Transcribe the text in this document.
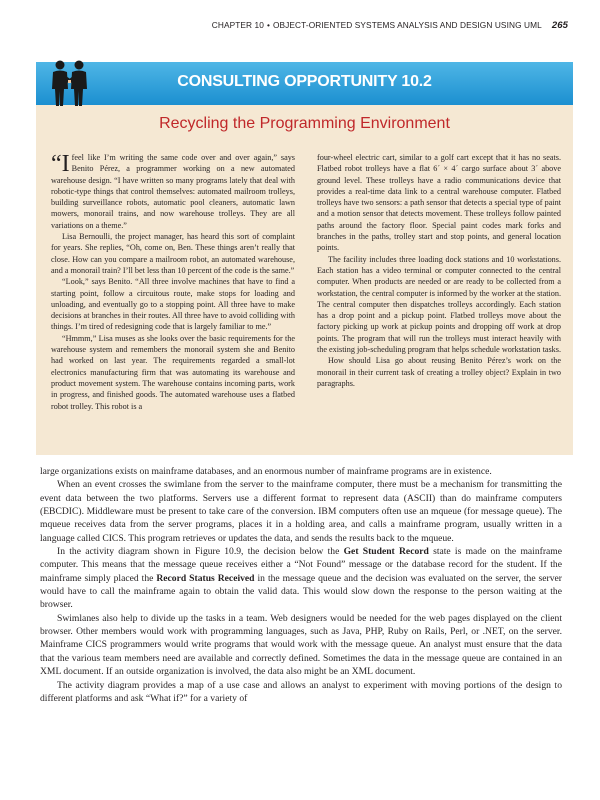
CHAPTER 10 • OBJECT-ORIENTED SYSTEMS ANALYSIS AND DESIGN USING UML 265
CONSULTING OPPORTUNITY 10.2
Recycling the Programming Environment

“I feel like I’m writing the same code over and over again,” says Benito Pérez, a programmer working on a new automated warehouse design. “I have written so many programs lately that deal with robotic-type things that control themselves: automated mailroom trolleys, building surveillance robots, automatic pool cleaners, automatic lawn mowers, monorail trains, and now warehouse trolleys. They are all variations on a theme.”

Lisa Bernoulli, the project manager, has heard this sort of complaint for years. She replies, “Oh, come on, Ben. These things aren’t really that close. How can you compare a mailroom robot, an automated warehouse, and a monorail train? I’ll bet less than 10 percent of the code is the same.”

“Look,” says Benito. “All three involve machines that have to find a starting point, follow a circuitous route, make stops for loading and unloading, and eventually go to a stopping point. All three have to make decisions at branches in their routes. All three have to avoid colliding with things. I’m tired of redesigning code that is largely familiar to me.”

“Hmmm,” Lisa muses as she looks over the basic requirements for the warehouse system and remembers the monorail system she and Benito had worked on last year. The requirements regarded a small-lot electronics manufacturing firm that was automating its warehouse and product movement system. The warehouse contains incoming parts, work in progress, and finished goods. The automated warehouse uses a flatbed robot trolley. This robot is a

four-wheel electric cart, similar to a golf cart except that it has no seats. Flatbed robot trolleys have a flat 6´ × 4´ cargo surface about 3´ above ground level. These trolleys have a radio communications device that provides a real-time data link to a central warehouse computer. Flatbed trolleys have two sensors: a path sensor that detects a special type of paint and a motion sensor that detects movement. These trolleys follow painted paths around the factory floor. Special paint codes mark forks and branches in the paths, trolley start and stop points, and general location points.

The facility includes three loading dock stations and 10 workstations. Each station has a video terminal or computer connected to the central computer. When products are needed or are ready to be collected from a workstation, the central computer is informed by the worker at the station. The central computer then dispatches trolleys accordingly. Each station has a drop point and a pickup point. Flatbed trolleys move about the factory picking up work at pickup points and dropping off work at drop points. The program that will run the trolleys must interact heavily with the existing job-scheduling program that helps schedule workstation tasks.

How should Lisa go about reusing Benito Pérez’s work on the monorail in their current task of creating a trolley object? Explain in two paragraphs.

large organizations exists on mainframe databases, and an enormous number of mainframe programs are in existence.

When an event crosses the swimlane from the server to the mainframe computer, there must be a mechanism for transmitting the event data between the two platforms. Servers use a different format to represent data (ASCII) than do mainframe computers (EBCDIC). Middleware must be present to take care of the conversion. IBM computers often use an mqueue (for message queue). The mqueue receives data from the server programs, places it in a holding area, and calls a mainframe program, usually written in a language called CICS. This program retrieves or updates the data, and sends the results back to the mqueue.

In the activity diagram shown in Figure 10.9, the decision below the Get Student Record state is made on the mainframe computer. This means that the message queue receives either a “Not Found” message or the database record for the student. If the mainframe simply placed the Record Status Received in the message queue and the decision was evaluated on the server, the server would have to call the mainframe again to obtain the valid data. This would slow down the response to the person waiting at the browser.

Swimlanes also help to divide up the tasks in a team. Web designers would be needed for the web pages displayed on the client browser. Other members would work with programming languages, such as Java, PHP, Ruby on Rails, Perl, or .NET, on the server. Mainframe CICS programmers would write programs that would work with the message queue. An analyst must ensure that the data that the various team members need are available and correctly defined. Sometimes the data in the message queue are contained in an XML document. If an outside organization is involved, the data also might be an XML document.

The activity diagram provides a map of a use case and allows an analyst to experiment with moving portions of the design to different platforms and ask “What if?” for a variety of
